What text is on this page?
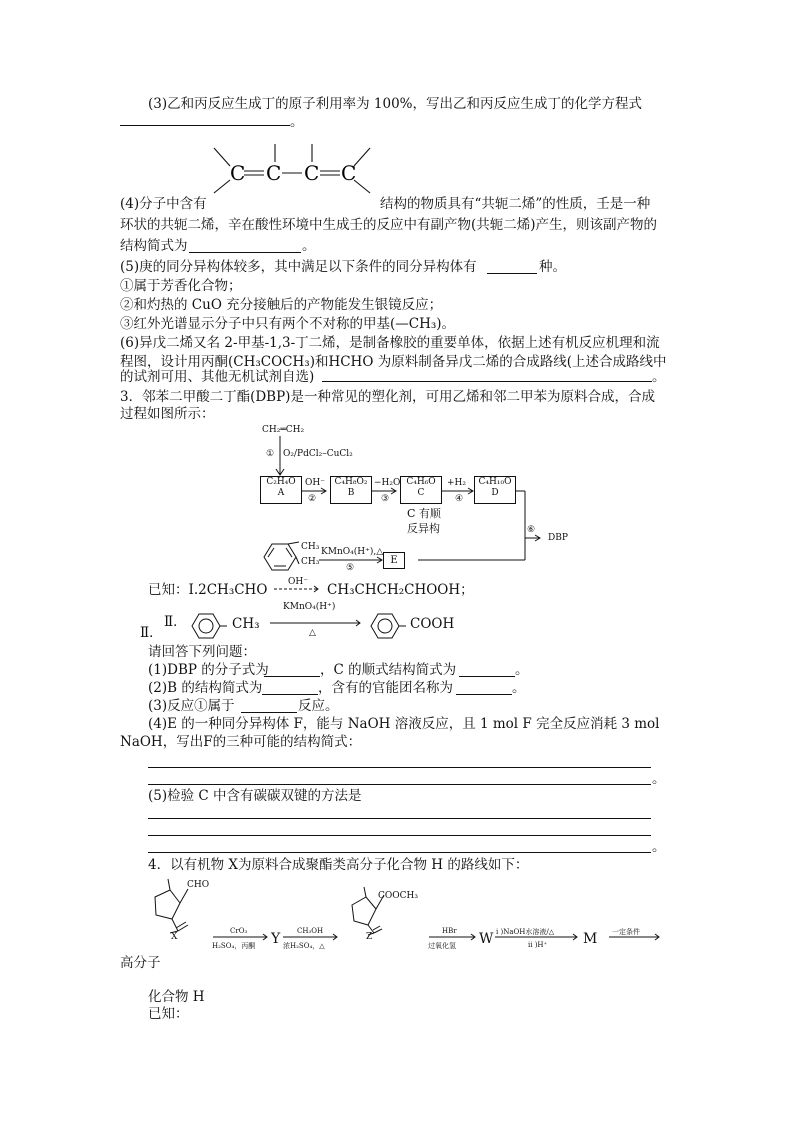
(3)乙和丙反应生成丁的原子利用率为 100%，写出乙和丙反应生成丁的化学方程式
。
C C C C
(4)分子中含有	结构的物质具有“共轭二烯”的性质，壬是一种
环状的共轭二烯，辛在酸性环境中生成壬的反应中有副产物(共轭二烯)产生，则该副产物的
结构简式为	。
(5)庚的同分异构体较多，其中满足以下条件的同分异构体有	种。
①属于芳香化合物；
②和灼热的 CuO 充分接触后的产物能发生银镜反应；
③红外光谱显示分子中只有两个不对称的甲基(—CH₃)。
(6)异戊二烯又名 2-甲基-1,3-丁二烯，是制备橡胶的重要单体，依据上述有机反应机理和流
程图，设计用丙酮(CH₃COCH₃)和HCHO 为原料制备异戊二烯的合成路线(上述合成路线中
的试剂可用、其他无机试剂自选)	。
3．邻苯二甲酸二丁酯(DBP)是一种常见的塑化剂，可用乙烯和邻二甲苯为原料合成，合成
过程如图所示：
CH₂═CH₂
① O₂/PdCl₂–CuCl₂
C₂H₄O
A
OH⁻
②
C₄H₈O₂
B
−H₂O
③
C₄H₆O
C
+H₂
④
C₄H₁₀O
D
C 有顺
反异构	⑥
DBP
CH₃
CH₃
KMnO₄(H⁺),△
⑤
E
已知：Ⅰ.2CH₃CHO OH⁻ CH₃CHCH₂CHOOH；
Ⅱ．
Ⅱ．	CH₃
KMnO₄(H⁺)
△
COOH
请回答下列问题：
(1)DBP 的分子式为	，C 的顺式结构简式为	。
(2)B 的结构简式为	，含有的官能团名称为	。
(3)反应①属于	反应。
(4)E 的一种同分异构体 F，能与 NaOH 溶液反应，且 1 mol F 完全反应消耗 3 mol
NaOH，写出F的三种可能的结构简式：
。
(5)检验 C 中含有碳碳双键的方法是
。
4．以有机物 X为原料合成聚酯类高分子化合物 H 的路线如下：
CHO
X
CrO₃
H₂SO₄，丙酮 Y CH₃OH
浓H₂SO₄，△
COOCH₃
Z
HBr
过氧化氢 W i )NaOH水溶液/△
ii )H⁺	M 一定条件
高分子
化合物 H
已知：
